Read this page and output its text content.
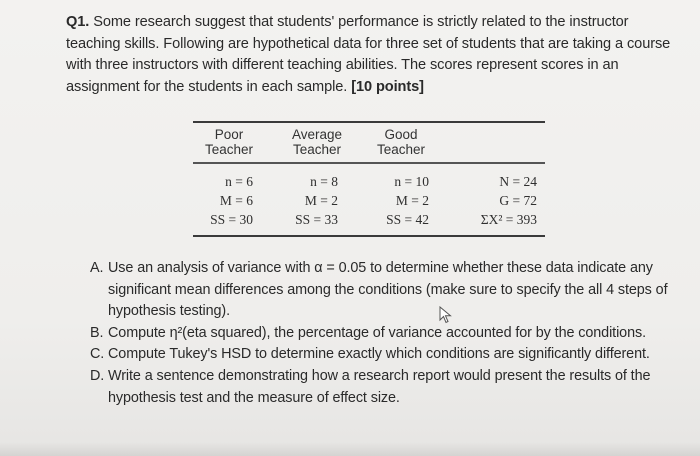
Q1. Some research suggest that students' performance is strictly related to the instructor teaching skills. Following are hypothetical data for three set of students that are taking a course with three instructors with different teaching abilities. The scores represent scores in an assignment for the students in each sample. [10 points]
Poor
Teacher
Average
Teacher
Good
Teacher
n = 6
M = 6
SS = 30
n = 8
M = 2
SS = 33
n = 10
M = 2
SS = 42
N = 24
G = 72
ΣX² = 393
A. Use an analysis of variance with α = 0.05 to determine whether these data indicate any significant mean differences among the conditions (make sure to specify the all 4 steps of hypothesis testing).
B. Compute η²(eta squared), the percentage of variance accounted for by the conditions.
C. Compute Tukey's HSD to determine exactly which conditions are significantly different.
D. Write a sentence demonstrating how a research report would present the results of the hypothesis test and the measure of effect size.
